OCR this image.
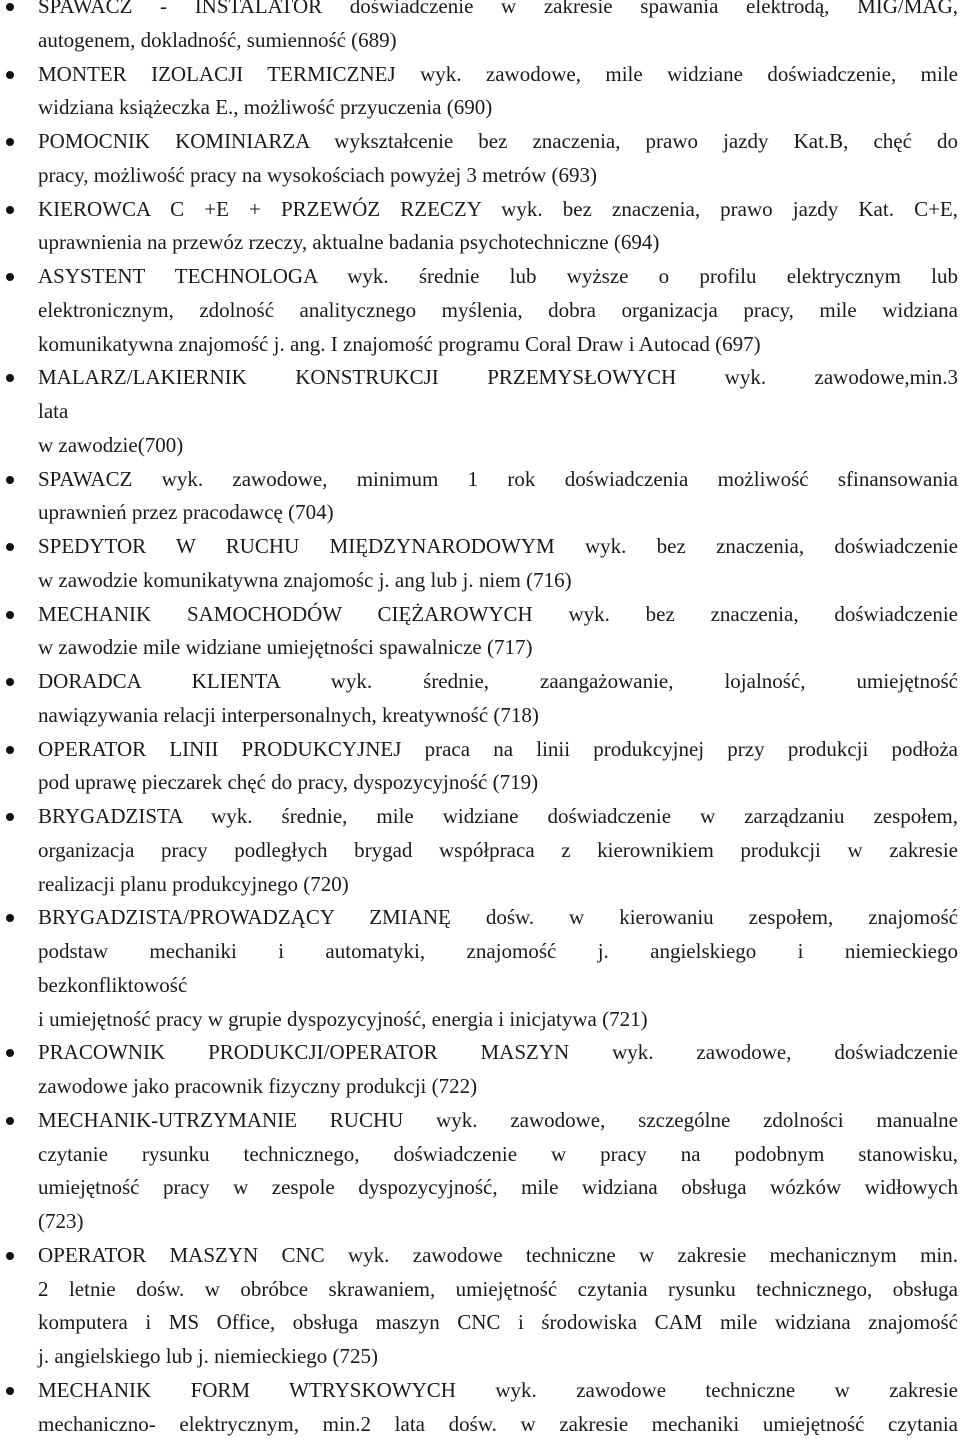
SPAWACZ - INSTALATOR doświadczenie w zakresie spawania elektrodą, MIG/MAG,
autogenem, dokladność, sumienność (689)
MONTER IZOLACJI TERMICZNEJ wyk. zawodowe, mile widziane doświadczenie, mile
widziana książeczka E., możliwość przyuczenia (690)
POMOCNIK KOMINIARZA wykształcenie bez znaczenia, prawo jazdy Kat.B, chęć do
pracy, możliwość pracy na wysokościach powyżej 3 metrów (693)
KIEROWCA C +E + PRZEWÓZ RZECZY wyk. bez znaczenia, prawo jazdy Kat. C+E,
uprawnienia na przewóz rzeczy, aktualne badania psychotechniczne (694)
ASYSTENT TECHNOLOGA wyk. średnie lub wyższe o profilu elektrycznym lub
elektronicznym, zdolność analitycznego myślenia, dobra organizacja pracy, mile widziana
komunikatywna znajomość j. ang. I znajomość programu Coral Draw i Autocad (697)
MALARZ/LAKIERNIK KONSTRUKCJI PRZEMYSŁOWYCH wyk. zawodowe,min.3
lata
w zawodzie(700)
SPAWACZ wyk. zawodowe, minimum 1 rok doświadczenia możliwość sfinansowania
uprawnień przez pracodawcę (704)
SPEDYTOR W RUCHU MIĘDZYNARODOWYM wyk. bez znaczenia, doświadczenie
w zawodzie komunikatywna znajomośc j. ang lub j. niem (716)
MECHANIK SAMOCHODÓW CIĘŻAROWYCH wyk. bez znaczenia, doświadczenie
w zawodzie mile widziane umiejętności spawalnicze (717)
DORADCA KLIENTA wyk. średnie, zaangażowanie, lojalność, umiejętność
nawiązywania relacji interpersonalnych, kreatywność (718)
OPERATOR LINII PRODUKCYJNEJ praca na linii produkcyjnej przy produkcji podłoża
pod uprawę pieczarek chęć do pracy, dyspozycyjność (719)
BRYGADZISTA wyk. średnie, mile widziane doświadczenie w zarządzaniu zespołem,
organizacja pracy podległych brygad współpraca z kierownikiem produkcji w zakresie
realizacji planu produkcyjnego (720)
BRYGADZISTA/PROWADZĄCY ZMIANĘ dośw. w kierowaniu zespołem, znajomość
podstaw mechaniki i automatyki, znajomość j. angielskiego i niemieckiego
bezkonfliktowość
i umiejętność pracy w grupie dyspozycyjność, energia i inicjatywa (721)
PRACOWNIK PRODUKCJI/OPERATOR MASZYN wyk. zawodowe, doświadczenie
zawodowe jako pracownik fizyczny produkcji (722)
MECHANIK-UTRZYMANIE RUCHU wyk. zawodowe, szczególne zdolności manualne
czytanie rysunku technicznego, doświadczenie w pracy na podobnym stanowisku,
umiejętność pracy w zespole dyspozycyjność, mile widziana obsługa wózków widłowych
(723)
OPERATOR MASZYN CNC wyk. zawodowe techniczne w zakresie mechanicznym min.
2 letnie dośw. w obróbce skrawaniem, umiejętność czytania rysunku technicznego, obsługa
komputera i MS Office, obsługa maszyn CNC i środowiska CAM mile widziana znajomość
j. angielskiego lub j. niemieckiego (725)
MECHANIK FORM WTRYSKOWYCH wyk. zawodowe techniczne w zakresie
mechaniczno- elektrycznym, min.2 lata dośw. w zakresie mechaniki umiejętność czytania
